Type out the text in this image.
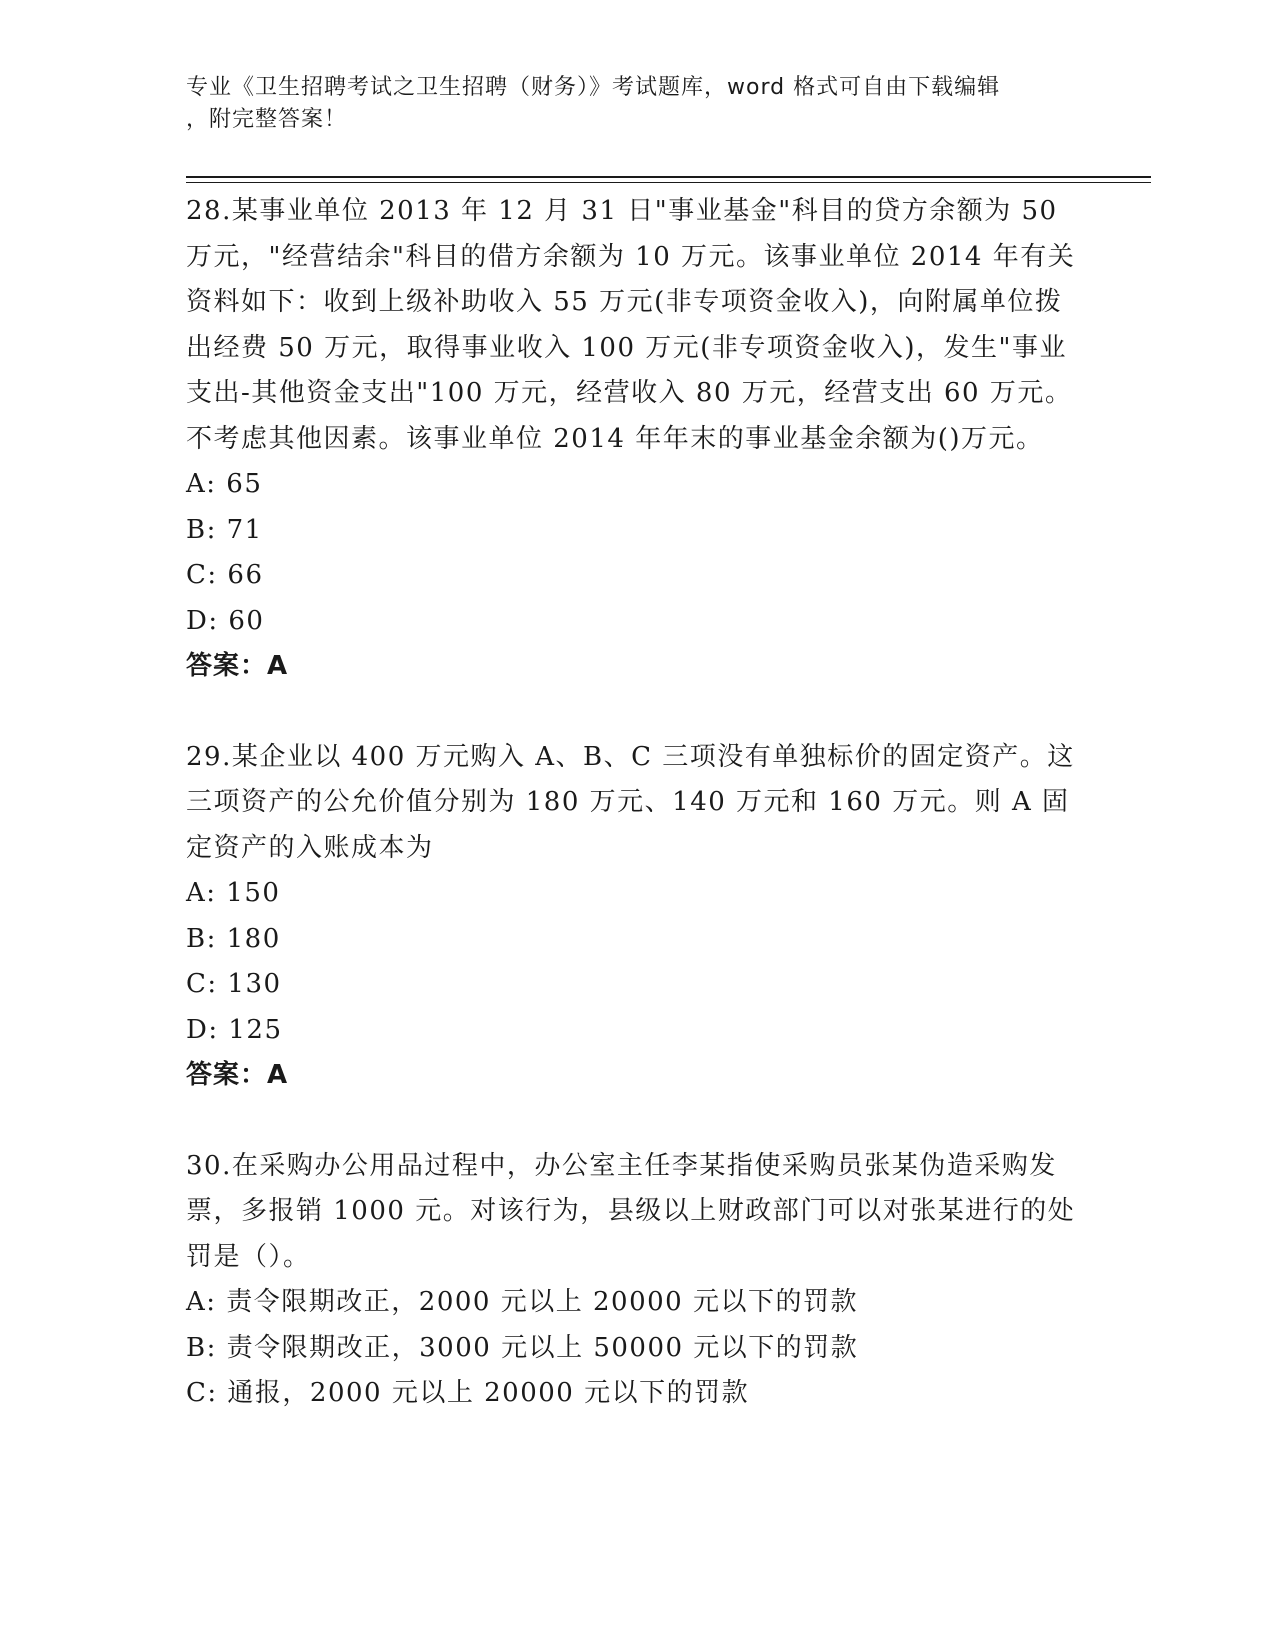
专业《卫生招聘考试之卫生招聘（财务）》考试题库，word 格式可自由下载编辑
，附完整答案！
28.某事业单位 2013 年 12 月 31 日"事业基金"科目的贷方余额为 50 万元，"经营结余"科目的借方余额为 10 万元。该事业单位 2014 年有关资料如下：收到上级补助收入 55 万元(非专项资金收入)，向附属单位拨出经费 50 万元，取得事业收入 100 万元(非专项资金收入)，发生"事业支出-其他资金支出"100 万元，经营收入 80 万元，经营支出 60 万元。不考虑其他因素。该事业单位 2014 年年末的事业基金余额为()万元。
A: 65
B: 71
C: 66
D: 60
答案：A
29.某企业以 400 万元购入 A、B、C 三项没有单独标价的固定资产。这三项资产的公允价值分别为 180 万元、140 万元和 160 万元。则 A 固定资产的入账成本为
A: 150
B: 180
C: 130
D: 125
答案：A
30.在采购办公用品过程中，办公室主任李某指使采购员张某伪造采购发票，多报销 1000 元。对该行为，县级以上财政部门可以对张某进行的处罚是（）。
A: 责令限期改正，2000 元以上 20000 元以下的罚款
B: 责令限期改正，3000 元以上 50000 元以下的罚款
C: 通报，2000 元以上 20000 元以下的罚款
